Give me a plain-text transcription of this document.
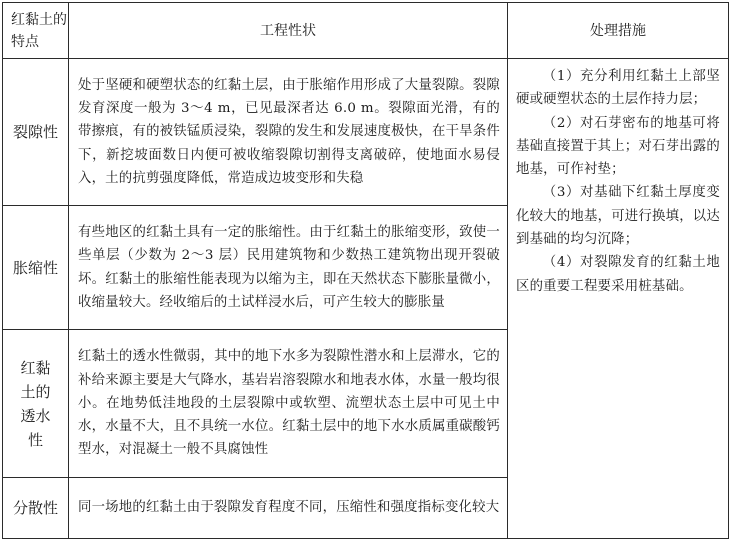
红黏土的特点	工程性状	处理措施
裂隙性	处于坚硬和硬塑状态的红黏土层，由于胀缩作用形成了大量裂隙。裂隙发育深度一般为 3～4 m，已见最深者达 6.0 m。裂隙面光滑，有的带擦痕，有的被铁锰质浸染，裂隙的发生和发展速度极快，在干旱条件下，新挖坡面数日内便可被收缩裂隙切割得支离破碎，使地面水易侵入，土的抗剪强度降低，常造成边坡变形和失稳	（1）充分利用红黏土上部坚硬或硬塑状态的土层作持力层；

（2）对石芽密布的地基可将基础直接置于其上；对石芽出露的地基，可作衬垫；

（3）对基础下红黏土厚度变化较大的地基，可进行换填，以达到基础的均匀沉降；

（4）对裂隙发育的红黏土地区的重要工程要采用桩基础。

胀缩性	有些地区的红黏土具有一定的胀缩性。由于红黏土的胀缩变形，致使一些单层（少数为 2～3 层）民用建筑物和少数热工建筑物出现开裂破坏。红黏土的胀缩性能表现为以缩为主，即在天然状态下膨胀量微小，收缩量较大。经收缩后的土试样浸水后，可产生较大的膨胀量	
红黏土的透水性	红黏土的透水性微弱，其中的地下水多为裂隙性潜水和上层滞水，它的补给来源主要是大气降水，基岩岩溶裂隙水和地表水体，水量一般均很小。在地势低洼地段的土层裂隙中或软塑、流塑状态土层中可见土中水，水量不大，且不具统一水位。红黏土层中的地下水水质属重碳酸钙型水，对混凝土一般不具腐蚀性	
分散性	同一场地的红黏土由于裂隙发育程度不同，压缩性和强度指标变化较大	
